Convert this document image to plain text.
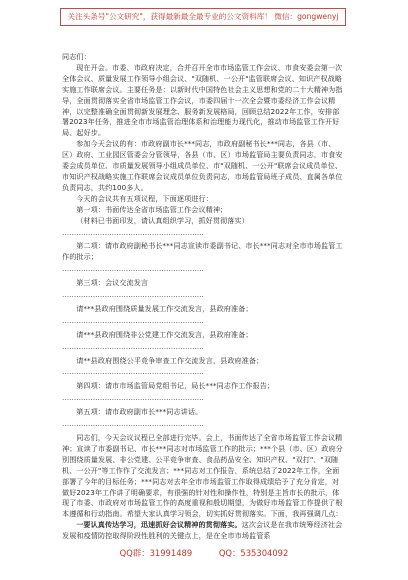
关注头条号"公文研究"，获得最新最全最专业的公文资料库！ 微信：gongwenyj

同志们：

现在开会。市委、市政府决定，合并召开全市市场监管工作会议、市食安委会第一次全体会议、质量发展工作领导小组会议、"双随机、一公开"监管联席会议、知识产权战略实施工作联席会议。主要任务是：以新时代中国特色社会主义思想和党的二十大精神为指导，全面贯彻落实全省市场监管工作会议，市委四届十一次全会暨市委经济工作会议精神，以完整准确全面贯彻新发展理念、服务新发展格局，回顾总结2022年工作，安排部署2023年任务，推进全市市场监管治理体系和治理能力现代化，推动市场监管工作开好局、起好步。

参加今天会议的有：市政府副市长***同志，市政府副秘书长***同志，各县（市、区）政府、工业园区管委会分管领导，各县（市、区）市场监管局主要负责同志，市食安委会成员单位、市质量发展领导小组成员单位、市"双随机、一公开"联席会议成员单位、市知识产权战略实施工作联席会议成员单位负责同志，市场监管局班子成员、直属各单位负责同志，共约100多人。

今天的会议共有五项议程，下面逐项进行：

第一项：书面传达全省市场监管工作会议精神；

（材料已书面印发，请认真组织学习，抓好贯彻落实）

……………………………………………………

第二项：请市政府副秘书长***同志宣读市委副书记、市长***同志对全市市场监管工作的批示；

……………………………………………………

第三项：会议交流发言

……………………………………………………

请***县政府围绕质量发展工作交流发言，县政府准备；

……………………………………………………

请***县政府围绕非公党建工作交流发言，县政府准备；

……………………………………………………

请**县政府围绕公平竞争审查工作交流发言，县政府准备；

……………………………………………………

第四项：请市市场监管局党组书记，局长***同志作工作报告；

……………………………………………………

第五项：请市政府副市长***同志讲话。

……………………………………………………

同志们，今天会议议程已全部进行完毕。会上，书面传达了全省市场监管工作会议精神；宣读了市委副书记、市长***同志对市场监管工作的批示；***个县（市、区）政府分别围绕质量发展、非公党建、公平竞争审查、食品药品安全、知识产权、"双打"、"双随机、一公开"等工作作了交流发言；***同志对工作报告，系统总结了2022年工作，全面部署了今年的目标任务；***同志对去年全市市场监管工作取得成绩给予了充分肯定，对做好2023年工作讲了明确要求，有很强的针对性和操作性，特别是主旨市长的批示，体现了市委、市政府对市场监管工作的高度重视和殷切期望，为做好市场监管工作提供了根本遵循和行动指南。希望大家认真学习领会，切实抓好贯彻落实。下面，我再强调几点：

一要认真传达学习，迅速抓好会议精神的贯彻落实。这次会议是在我市统筹经济社会发展和疫情防控取得阶段性胜利的关键点上，是在全市市场监管系

QQ群：31991489          QQ：535304092
